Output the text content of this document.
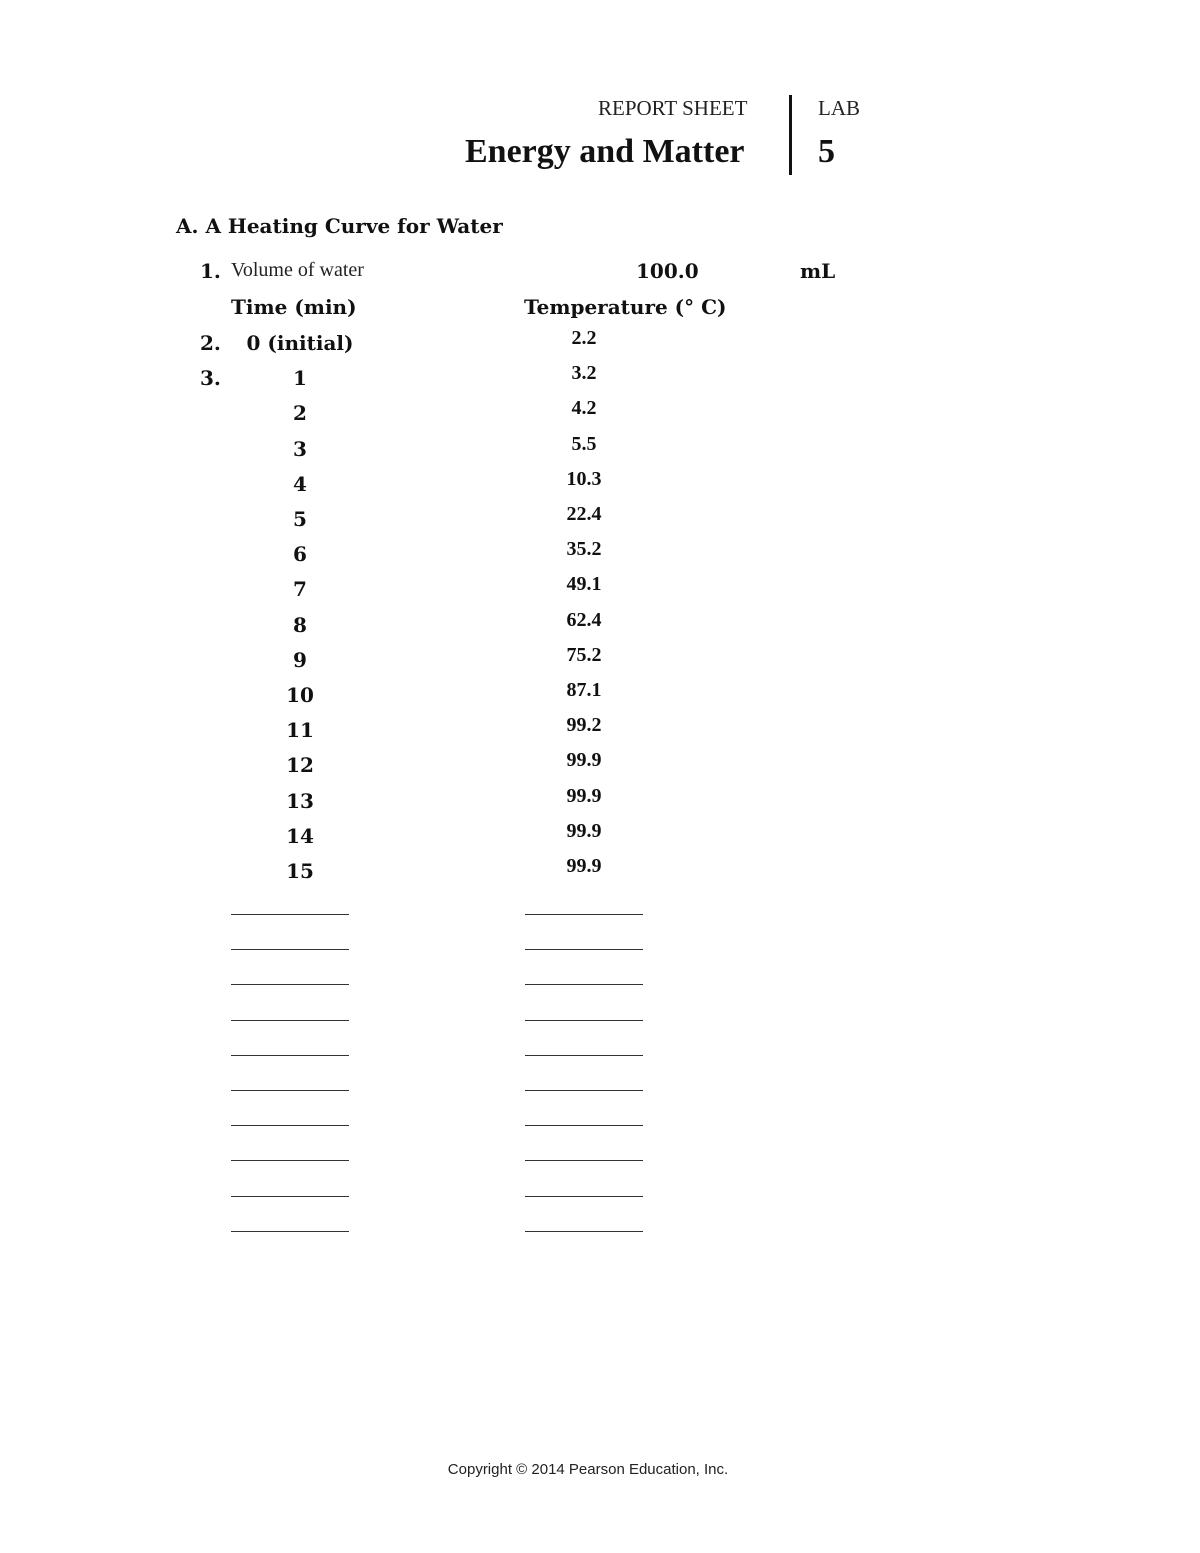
REPORT SHEET	LAB
Energy and Matter 5
A. A Heating Curve for Water
1. Volume of water	100.0	mL
Time (min)	Temperature (° C)
2.	0 (initial)	2.2
3.	1	3.2
2	4.2
3	5.5
4	10.3
5	22.4
6	35.2
7	49.1
8	62.4
9	75.2
10	87.1
11	99.2
12	99.9
13	99.9
14	99.9
15	99.9
Copyright © 2014 Pearson Education, Inc.
